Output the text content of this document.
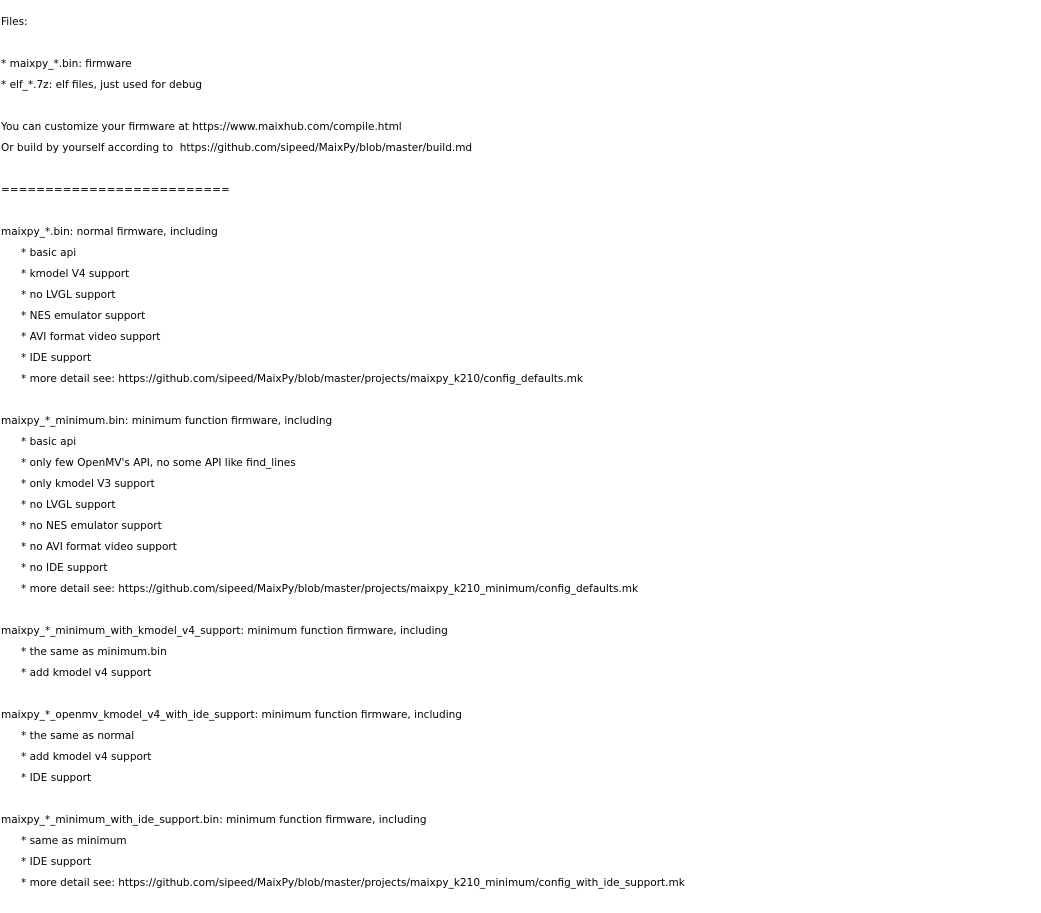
Files:
* maixpy_*.bin: firmware
* elf_*.7z: elf files, just used for debug
You can customize your firmware at https://www.maixhub.com/compile.html
Or build by yourself according to  https://github.com/sipeed/MaixPy/blob/master/build.md
==========================
maixpy_*.bin: normal firmware, including
* basic api
* kmodel V4 support
* no LVGL support
* NES emulator support
* AVI format video support
* IDE support
* more detail see: https://github.com/sipeed/MaixPy/blob/master/projects/maixpy_k210/config_defaults.mk
maixpy_*_minimum.bin: minimum function firmware, including
* basic api
* only few OpenMV's API, no some API like find_lines
* only kmodel V3 support
* no LVGL support
* no NES emulator support
* no AVI format video support
* no IDE support
* more detail see: https://github.com/sipeed/MaixPy/blob/master/projects/maixpy_k210_minimum/config_defaults.mk
maixpy_*_minimum_with_kmodel_v4_support: minimum function firmware, including
* the same as minimum.bin
* add kmodel v4 support
maixpy_*_openmv_kmodel_v4_with_ide_support: minimum function firmware, including
* the same as normal
* add kmodel v4 support
* IDE support
maixpy_*_minimum_with_ide_support.bin: minimum function firmware, including
* same as minimum
* IDE support
* more detail see: https://github.com/sipeed/MaixPy/blob/master/projects/maixpy_k210_minimum/config_with_ide_support.mk
